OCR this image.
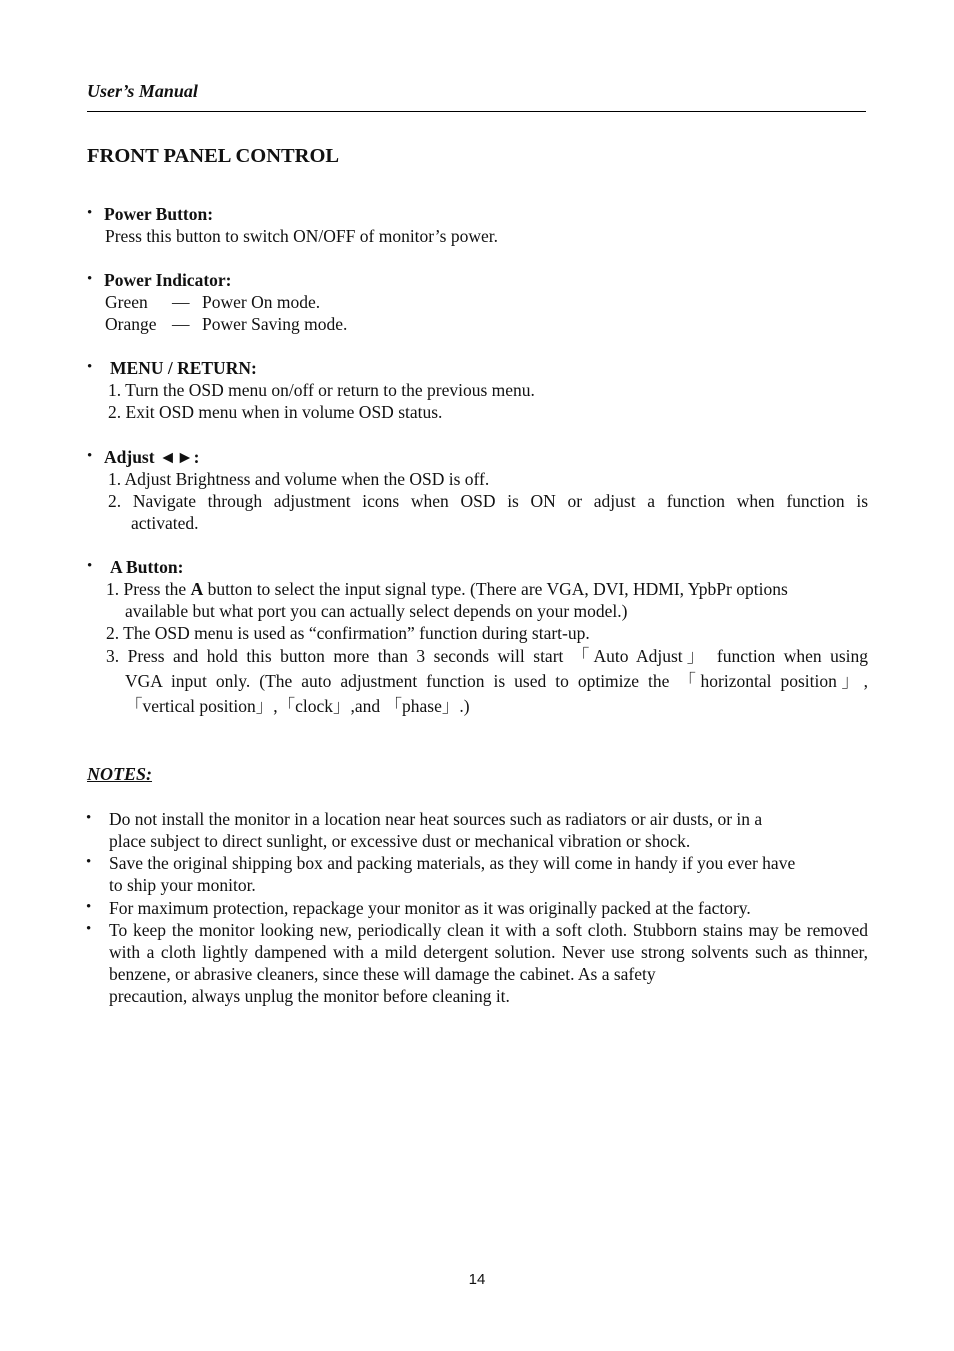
User’s Manual
FRONT PANEL CONTROL
• Power Button:
Press this button to switch ON/OFF of monitor’s power.
• Power Indicator:
Green — Power On mode.
Orange — Power Saving mode.
• MENU / RETURN:
1. Turn the OSD menu on/off or return to the previous menu.
2. Exit OSD menu when in volume OSD status.
• Adjust ◄►:
1. Adjust Brightness and volume when the OSD is off.
2. Navigate through adjustment icons when OSD is ON or adjust a function when function is
activated.
• A Button:
1. Press the A button to select the input signal type. (There are VGA, DVI, HDMI, YpbPr options
available but what port you can actually select depends on your model.)
2. The OSD menu is used as “confirmation” function during start-up.
3. Press and hold this button more than 3 seconds will start 「Auto Adjust」 function when using
VGA input only. (The auto adjustment function is used to optimize the 「horizontal position」,
「vertical position」,「clock」,and 「phase」.)
NOTES:
• Do not install the monitor in a location near heat sources such as radiators or air dusts, or in a
place subject to direct sunlight, or excessive dust or mechanical vibration or shock.
• Save the original shipping box and packing materials, as they will come in handy if you ever have
to ship your monitor.
• For maximum protection, repackage your monitor as it was originally packed at the factory.
• To keep the monitor looking new, periodically clean it with a soft cloth. Stubborn stains may be removed with a cloth lightly dampened with a mild detergent solution. Never use strong solvents such as thinner, benzene, or abrasive cleaners, since these will damage the cabinet. As a safety
precaution, always unplug the monitor before cleaning it.
14
